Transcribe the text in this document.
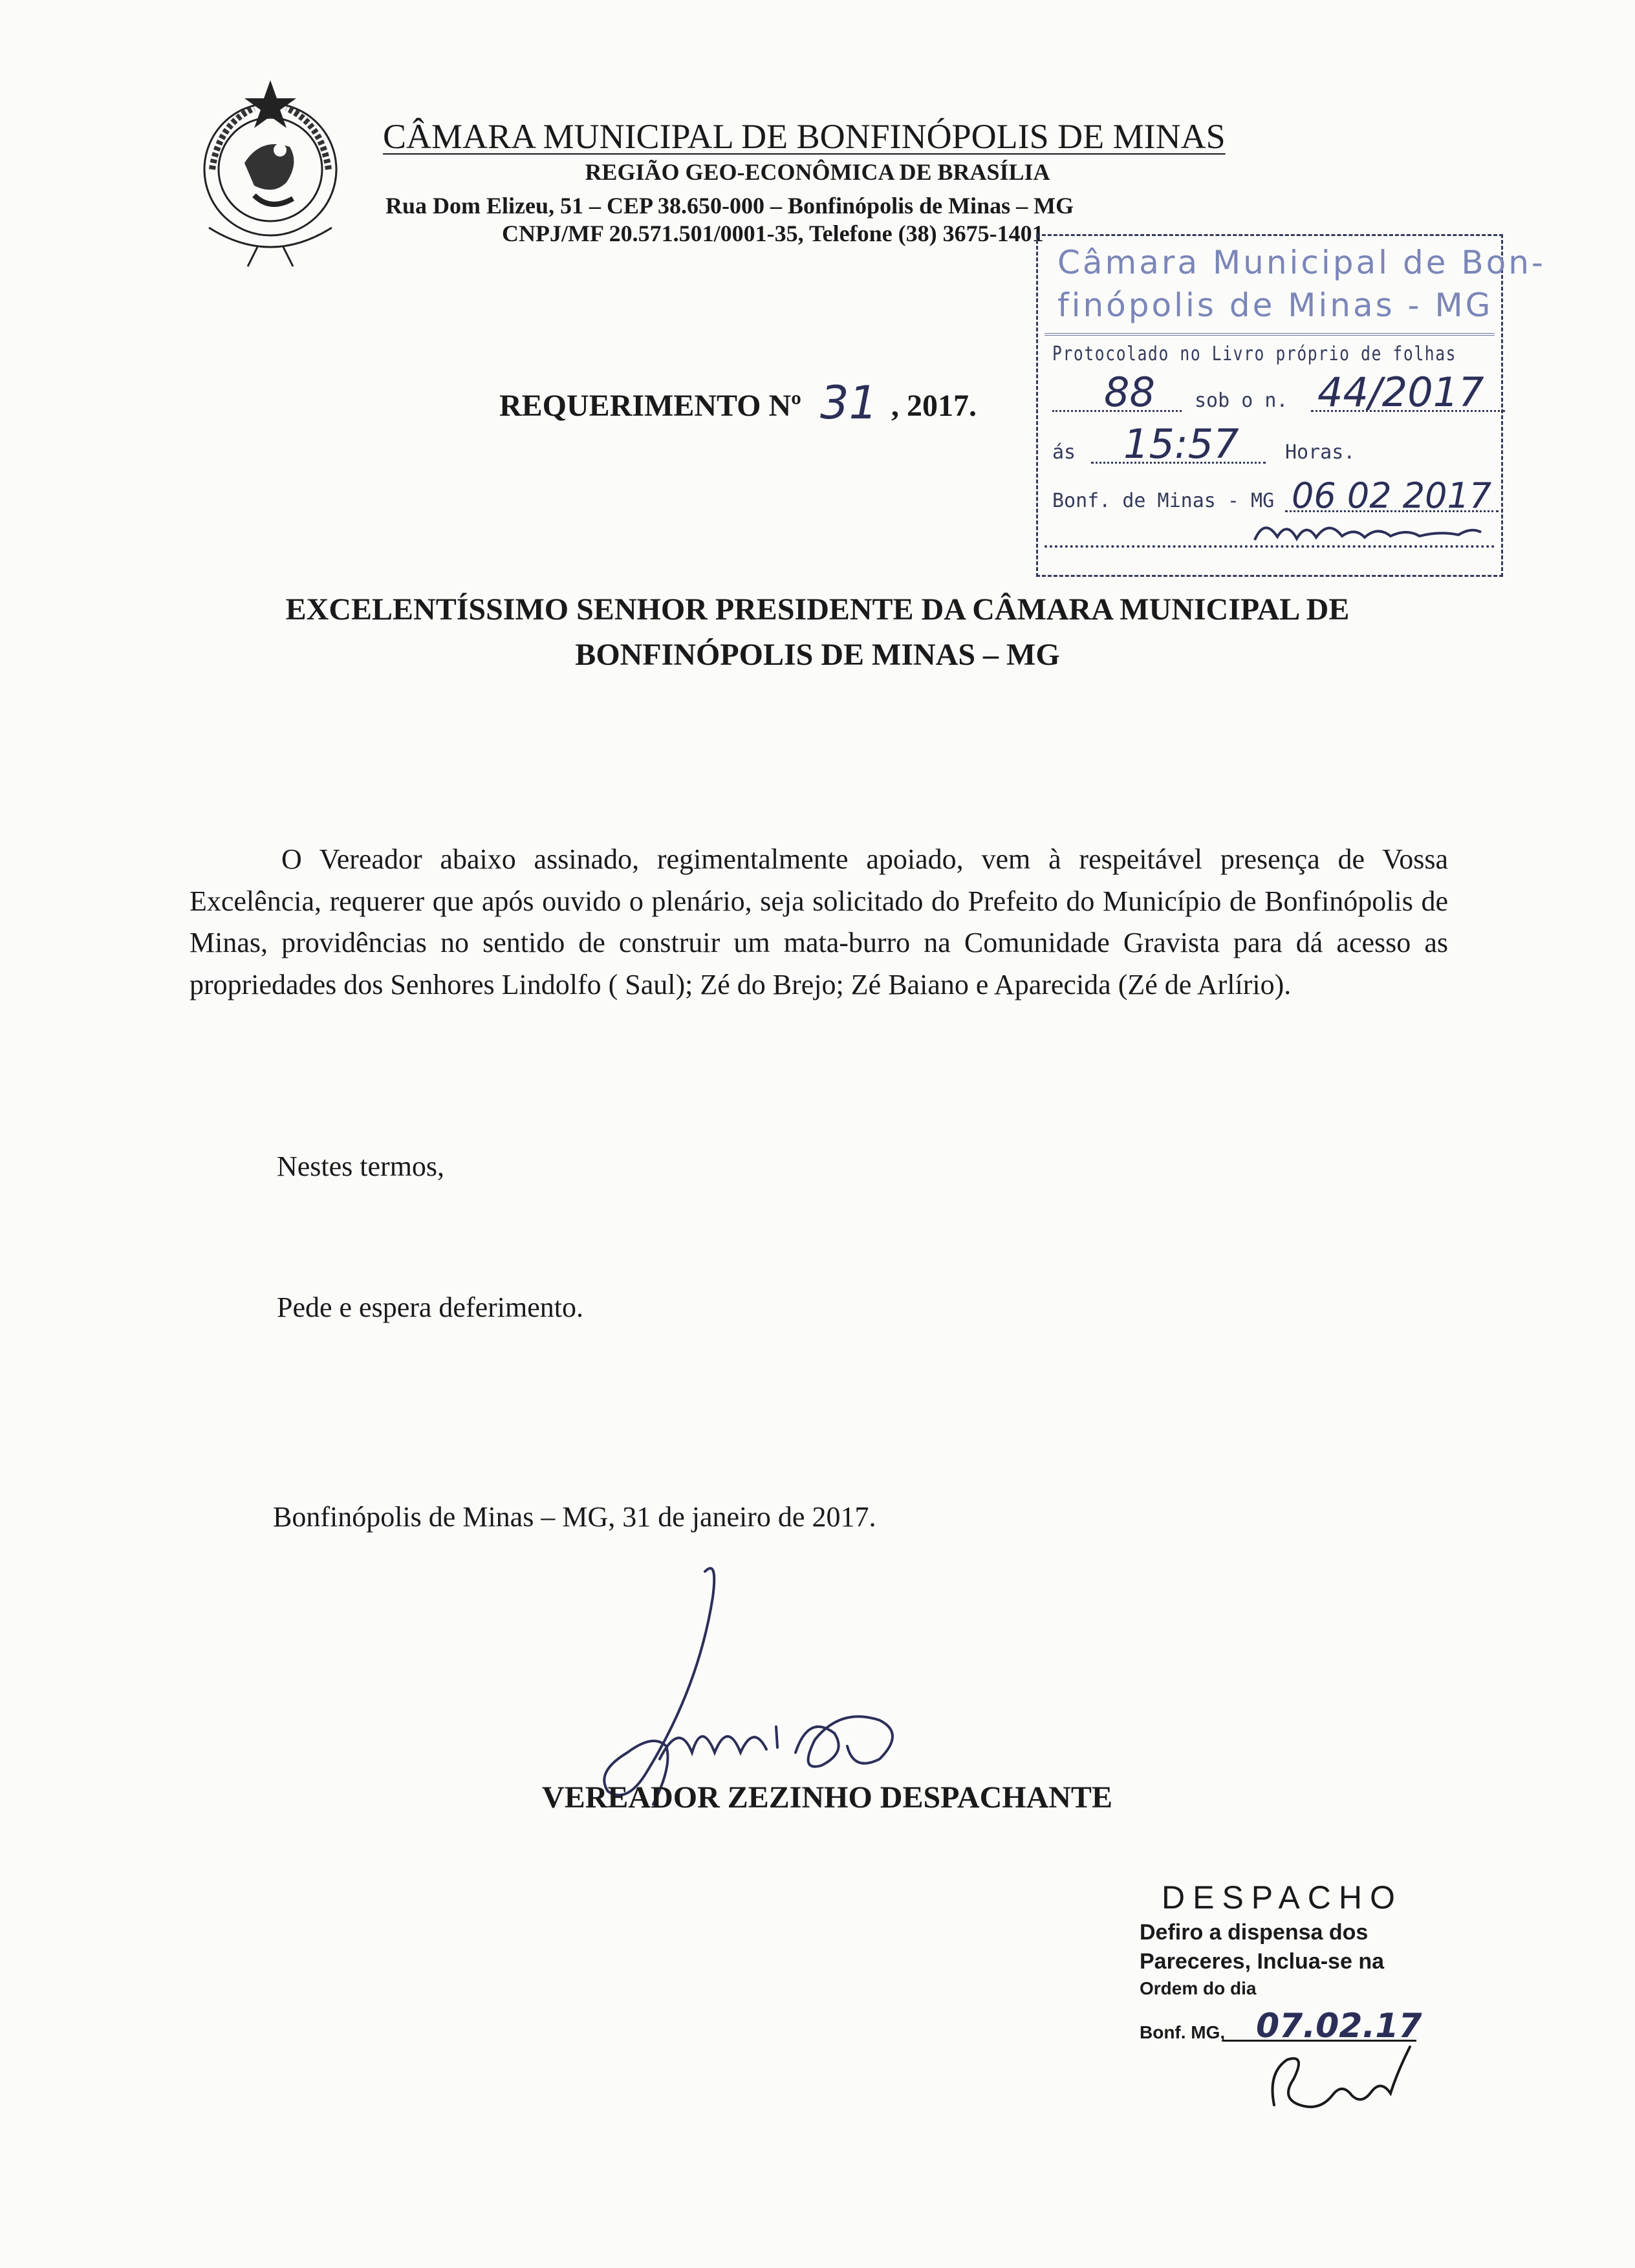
CÂMARA MUNICIPAL DE BONFINÓPOLIS DE MINAS
REGIÃO GEO-ECONÔMICA DE BRASÍLIA
Rua Dom Elizeu, 51 – CEP 38.650-000 – Bonfinópolis de Minas – MG
CNPJ/MF 20.571.501/0001-35, Telefone (38) 3675-1401
Câmara Municipal de Bon-
finópolis de Minas - MG
Protocolado no Livro próprio de folhas
88 sob o n. 44/2017
ás 15:57 Horas.
Bonf. de Minas - MG 06 02 2017
REQUERIMENTO Nº 31 , 2017.
EXCELENTÍSSIMO SENHOR PRESIDENTE DA CÂMARA MUNICIPAL DE
BONFINÓPOLIS DE MINAS – MG
O Vereador abaixo assinado, regimentalmente apoiado, vem à respeitável presença de Vossa Excelência, requerer que após ouvido o plenário, seja solicitado do Prefeito do Município de Bonfinópolis de Minas, providências no sentido de construir um mata-burro na Comunidade Gravista para dá acesso as propriedades dos Senhores Lindolfo ( Saul); Zé do Brejo; Zé Baiano e Aparecida (Zé de Arlírio).
Nestes termos,
Pede e espera deferimento.
Bonfinópolis de Minas – MG, 31 de janeiro de 2017.
VEREADOR ZEZINHO DESPACHANTE
DESPACHO
Defiro a dispensa dos
Pareceres, Inclua-se na
Ordem do dia
Bonf. MG, 07.02.17
